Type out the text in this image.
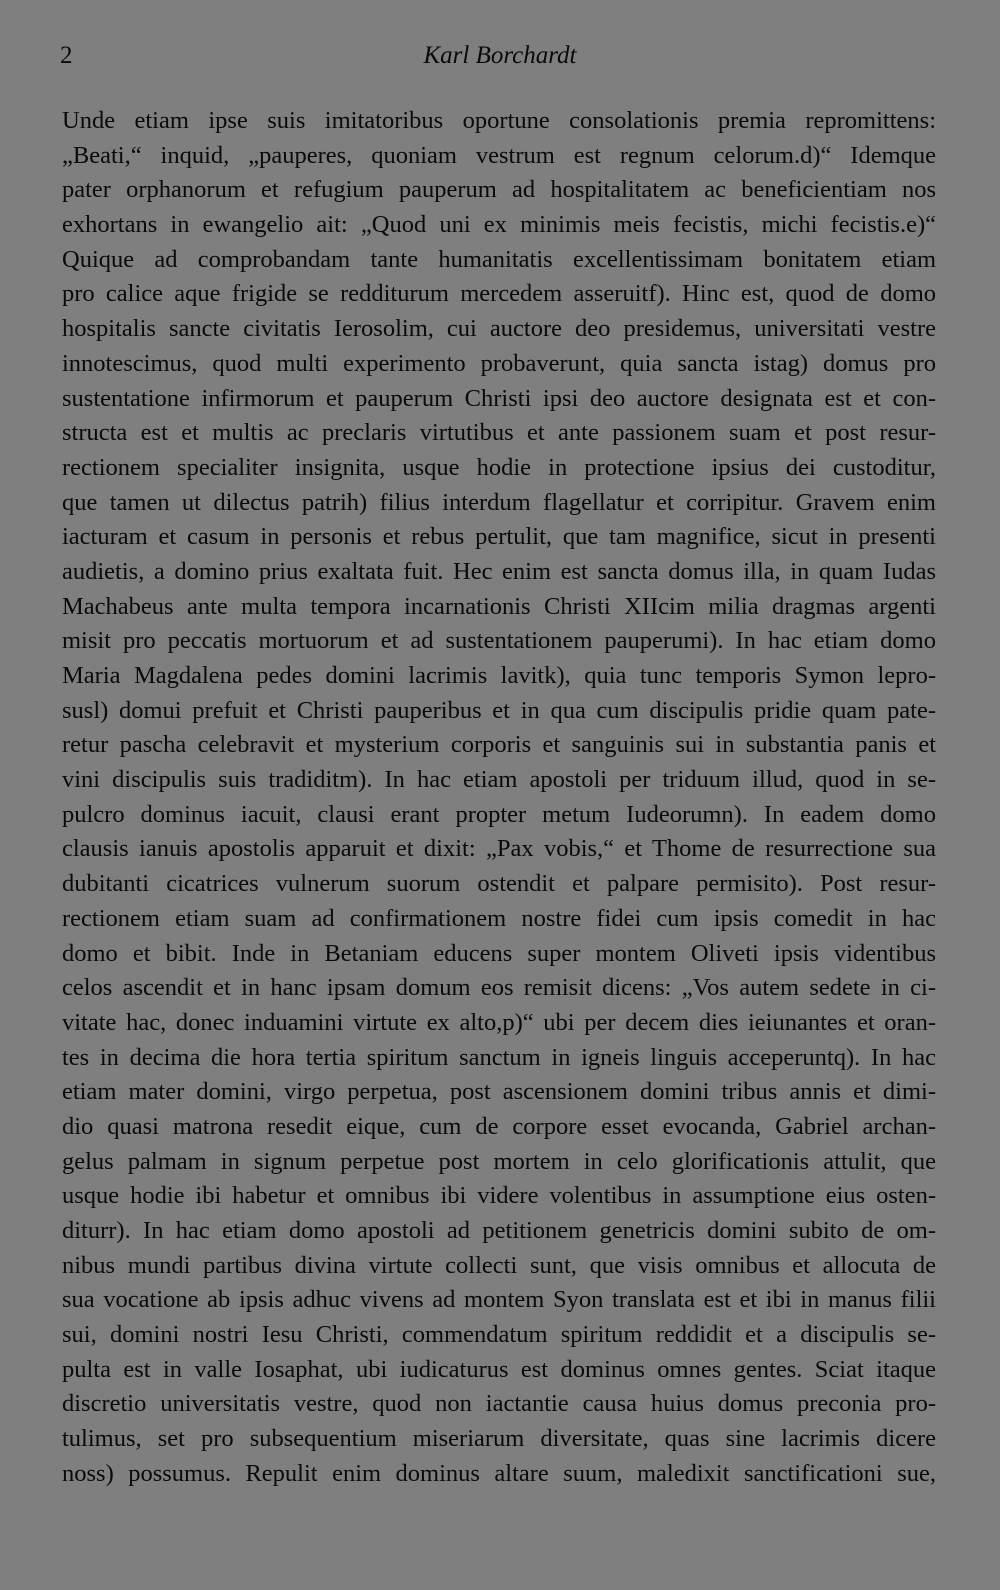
2	Karl Borchardt
Unde etiam ipse suis imitatoribus oportune consolationis premia repromittens:
„Beati,“ inquid, „pauperes, quoniam vestrum est regnum celorum.d)“ Idemque
pater orphanorum et refugium pauperum ad hospitalitatem ac beneficientiam nos
exhortans in ewangelio ait: „Quod uni ex minimis meis fecistis, michi fecistis.e)“
Quique ad comprobandam tante humanitatis excellentissimam bonitatem etiam
pro calice aque frigide se redditurum mercedem asseruitf). Hinc est, quod de domo
hospitalis sancte civitatis Ierosolim, cui auctore deo presidemus, universitati vestre
innotescimus, quod multi experimento probaverunt, quia sancta istag) domus pro
sustentatione infirmorum et pauperum Christi ipsi deo auctore designata est et con-
structa est et multis ac preclaris virtutibus et ante passionem suam et post resur-
rectionem specialiter insignita, usque hodie in protectione ipsius dei custoditur,
que tamen ut dilectus patrih) filius interdum flagellatur et corripitur. Gravem enim
iacturam et casum in personis et rebus pertulit, que tam magnifice, sicut in presenti
audietis, a domino prius exaltata fuit. Hec enim est sancta domus illa, in quam Iudas
Machabeus ante multa tempora incarnationis Christi XIIcim milia dragmas argenti
misit pro peccatis mortuorum et ad sustentationem pauperumi). In hac etiam domo
Maria Magdalena pedes domini lacrimis lavitk), quia tunc temporis Symon lepro-
susl) domui prefuit et Christi pauperibus et in qua cum discipulis pridie quam pate-
retur pascha celebravit et mysterium corporis et sanguinis sui in substantia panis et
vini discipulis suis tradiditm). In hac etiam apostoli per triduum illud, quod in se-
pulcro dominus iacuit, clausi erant propter metum Iudeorumn). In eadem domo
clausis ianuis apostolis apparuit et dixit: „Pax vobis,“ et Thome de resurrectione sua
dubitanti cicatrices vulnerum suorum ostendit et palpare permisito). Post resur-
rectionem etiam suam ad confirmationem nostre fidei cum ipsis comedit in hac
domo et bibit. Inde in Betaniam educens super montem Oliveti ipsis videntibus
celos ascendit et in hanc ipsam domum eos remisit dicens: „Vos autem sedete in ci-
vitate hac, donec induamini virtute ex alto,p)“ ubi per decem dies ieiunantes et oran-
tes in decima die hora tertia spiritum sanctum in igneis linguis acceperuntq). In hac
etiam mater domini, virgo perpetua, post ascensionem domini tribus annis et dimi-
dio quasi matrona resedit eique, cum de corpore esset evocanda, Gabriel archan-
gelus palmam in signum perpetue post mortem in celo glorificationis attulit, que
usque hodie ibi habetur et omnibus ibi videre volentibus in assumptione eius osten-
diturr). In hac etiam domo apostoli ad petitionem genetricis domini subito de om-
nibus mundi partibus divina virtute collecti sunt, que visis omnibus et allocuta de
sua vocatione ab ipsis adhuc vivens ad montem Syon translata est et ibi in manus filii
sui, domini nostri Iesu Christi, commendatum spiritum reddidit et a discipulis se-
pulta est in valle Iosaphat, ubi iudicaturus est dominus omnes gentes. Sciat itaque
discretio universitatis vestre, quod non iactantie causa huius domus preconia pro-
tulimus, set pro subsequentium miseriarum diversitate, quas sine lacrimis dicere
noss) possumus. Repulit enim dominus altare suum, maledixit sanctificationi sue,
